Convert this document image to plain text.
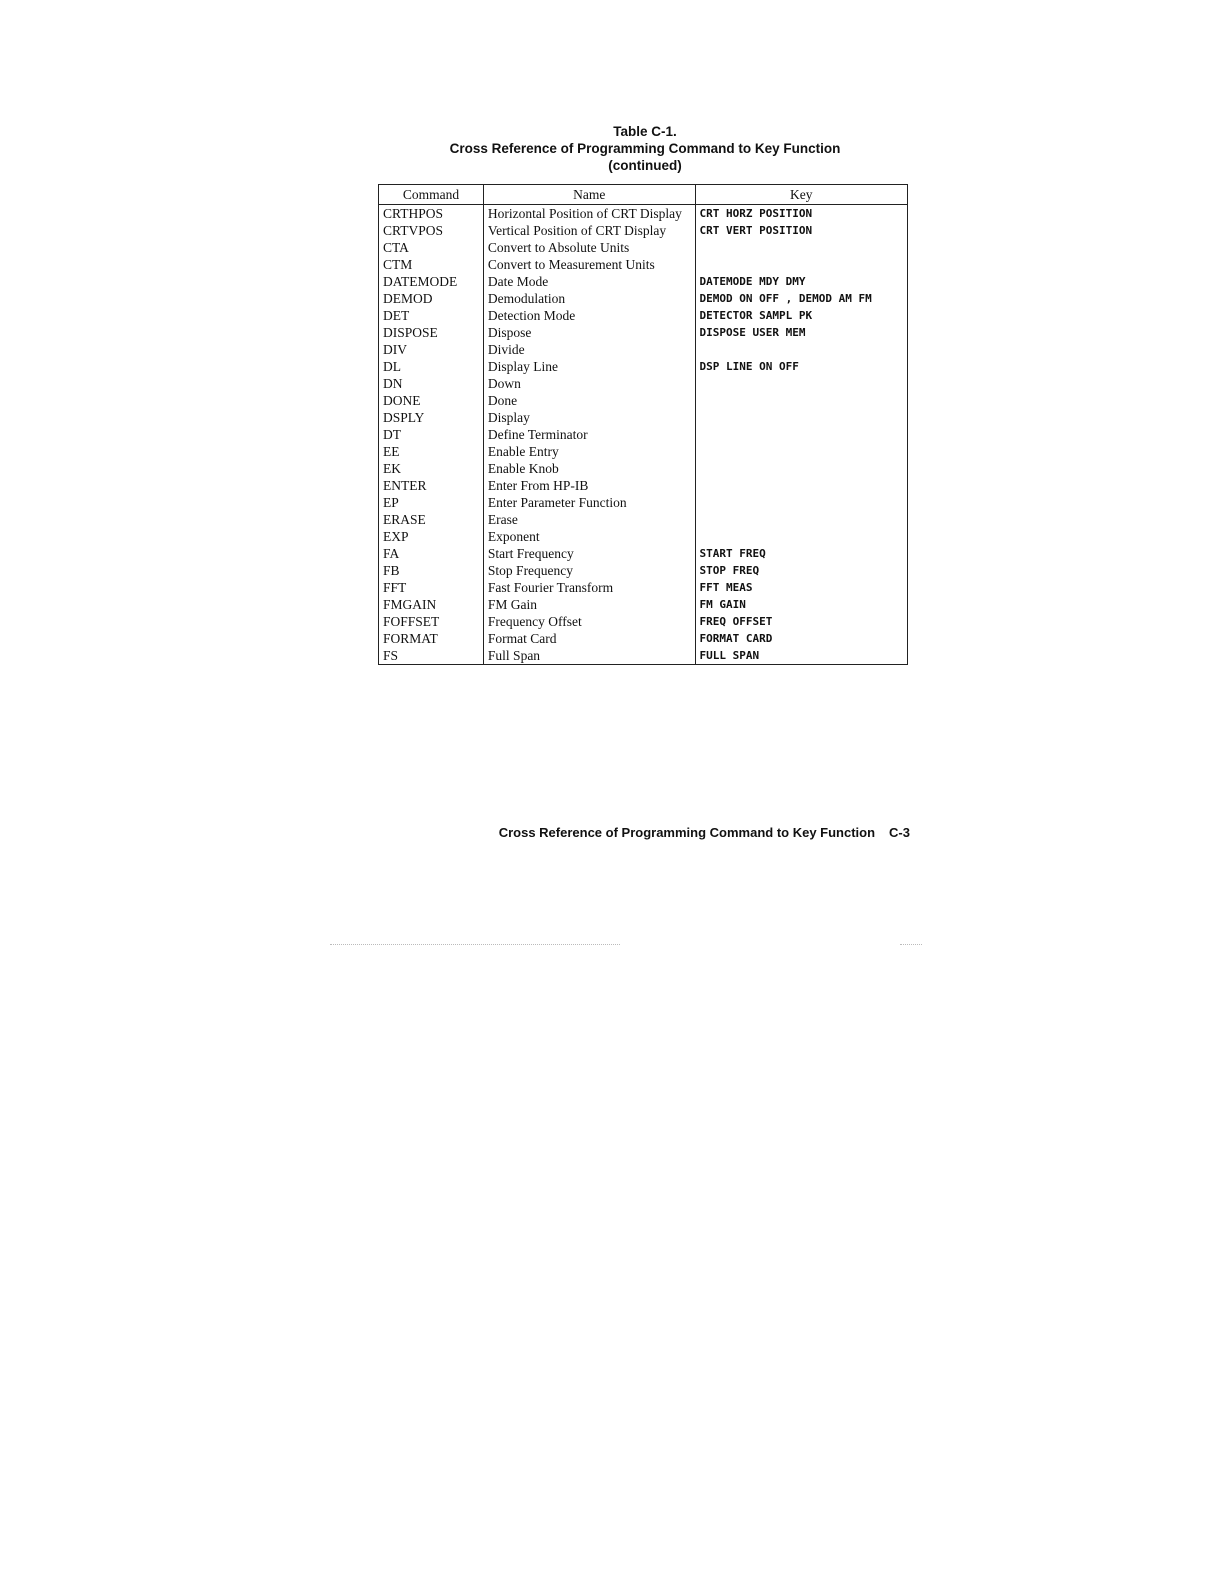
Table C-1.
Cross Reference of Programming Command to Key Function
(continued)
Command	Name	Key
CRTHPOS	Horizontal Position of CRT Display	CRT HORZ POSITION
CRTVPOS	Vertical Position of CRT Display	CRT VERT POSITION
CTA	Convert to Absolute Units	
CTM	Convert to Measurement Units	
DATEMODE	Date Mode	DATEMODE MDY DMY
DEMOD	Demodulation	DEMOD ON OFF , DEMOD AM FM
DET	Detection Mode	DETECTOR SAMPL PK
DISPOSE	Dispose	DISPOSE USER MEM
DIV	Divide	
DL	Display Line	DSP LINE ON OFF
DN	Down	
DONE	Done	
DSPLY	Display	
DT	Define Terminator	
EE	Enable Entry	
EK	Enable Knob	
ENTER	Enter From HP-IB	
EP	Enter Parameter Function	
ERASE	Erase	
EXP	Exponent	
FA	Start Frequency	START FREQ
FB	Stop Frequency	STOP FREQ
FFT	Fast Fourier Transform	FFT MEAS
FMGAIN	FM Gain	FM GAIN
FOFFSET	Frequency Offset	FREQ OFFSET
FORMAT	Format Card	FORMAT CARD
FS	Full Span	FULL SPAN
Cross Reference of Programming Command to Key Function C-3
